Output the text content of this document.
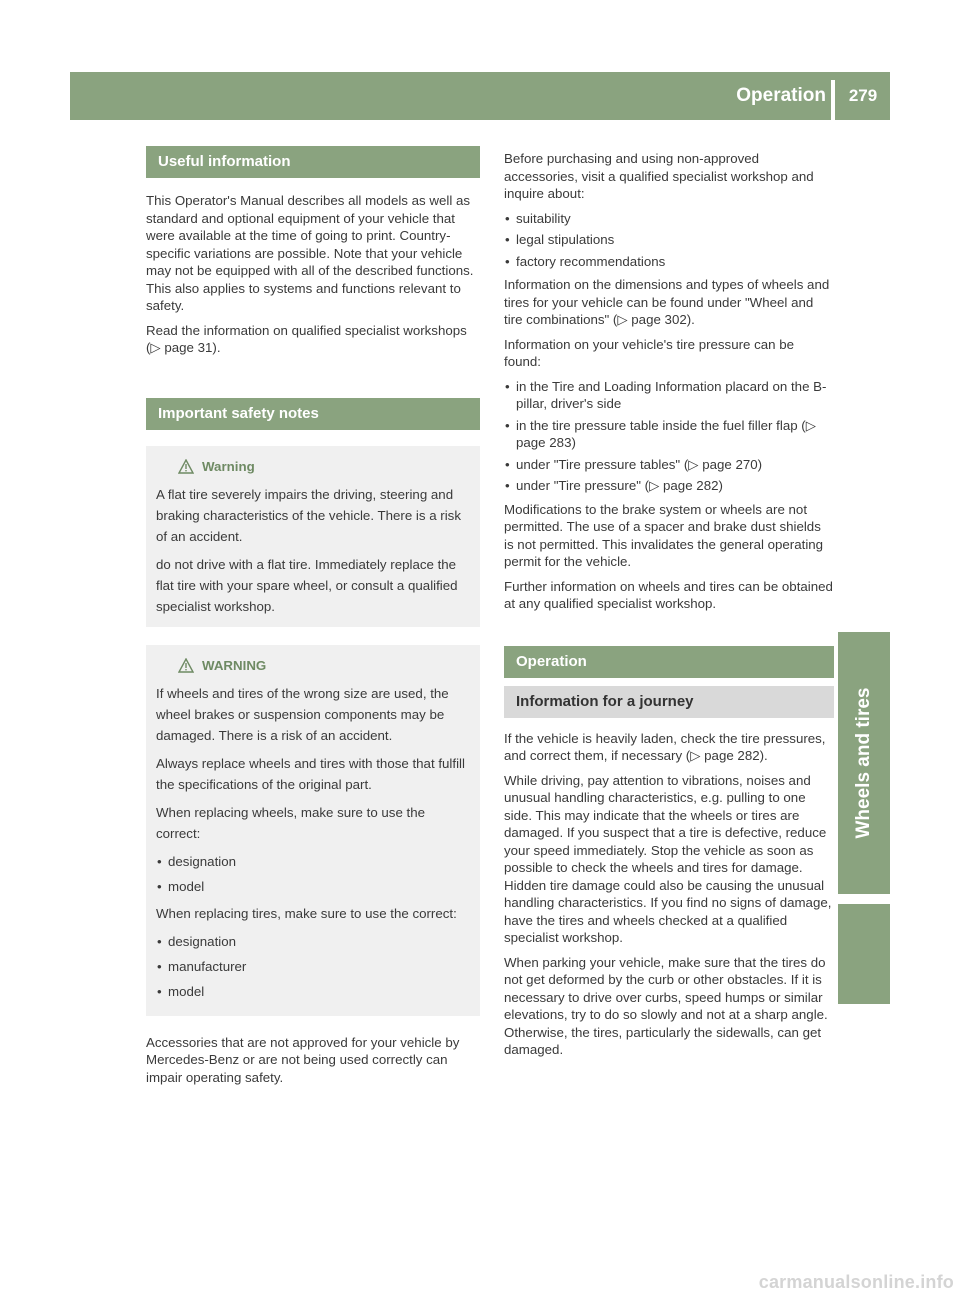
Operation	279
Wheels and tires
Useful information

This Operator's Manual describes all models as well as standard and optional equipment of your vehicle that were available at the time of going to print. Country-specific variations are possible. Note that your vehicle may not be equipped with all of the described functions. This also applies to systems and functions relevant to safety.

Read the information on qualified specialist workshops (▷ page 31).

Important safety notes
Warning

A flat tire severely impairs the driving, steering and braking characteristics of the vehicle. There is a risk of an accident.

do not drive with a flat tire. Immediately replace the flat tire with your spare wheel, or consult a qualified specialist workshop.

WARNING

If wheels and tires of the wrong size are used, the wheel brakes or suspension components may be damaged. There is a risk of an accident.

Always replace wheels and tires with those that fulfill the specifications of the original part.

When replacing wheels, make sure to use the correct:

• designation
• model

When replacing tires, make sure to use the correct:

• designation
• manufacturer
• model

Accessories that are not approved for your vehicle by Mercedes-Benz or are not being used correctly can impair operating safety.

Before purchasing and using non-approved accessories, visit a qualified specialist workshop and inquire about:

• suitability
• legal stipulations
• factory recommendations

Information on the dimensions and types of wheels and tires for your vehicle can be found under "Wheel and tire combinations" (▷ page 302).

Information on your vehicle's tire pressure can be found:

• in the Tire and Loading Information placard on the B-pillar, driver's side
• in the tire pressure table inside the fuel filler flap (▷ page 283)
• under "Tire pressure tables" (▷ page 270)
• under "Tire pressure" (▷ page 282)

Modifications to the brake system or wheels are not permitted. The use of a spacer and brake dust shields is not permitted. This invalidates the general operating permit for the vehicle.

Further information on wheels and tires can be obtained at any qualified specialist workshop.

Operation
Information for a journey

If the vehicle is heavily laden, check the tire pressures, and correct them, if necessary (▷ page 282).

While driving, pay attention to vibrations, noises and unusual handling characteristics, e.g. pulling to one side. This may indicate that the wheels or tires are damaged. If you suspect that a tire is defective, reduce your speed immediately. Stop the vehicle as soon as possible to check the wheels and tires for damage. Hidden tire damage could also be causing the unusual handling characteristics. If you find no signs of damage, have the tires and wheels checked at a qualified specialist workshop.

When parking your vehicle, make sure that the tires do not get deformed by the curb or other obstacles. If it is necessary to drive over curbs, speed humps or similar elevations, try to do so slowly and not at a sharp angle. Otherwise, the tires, particularly the sidewalls, can get damaged.

carmanualsonline.info
